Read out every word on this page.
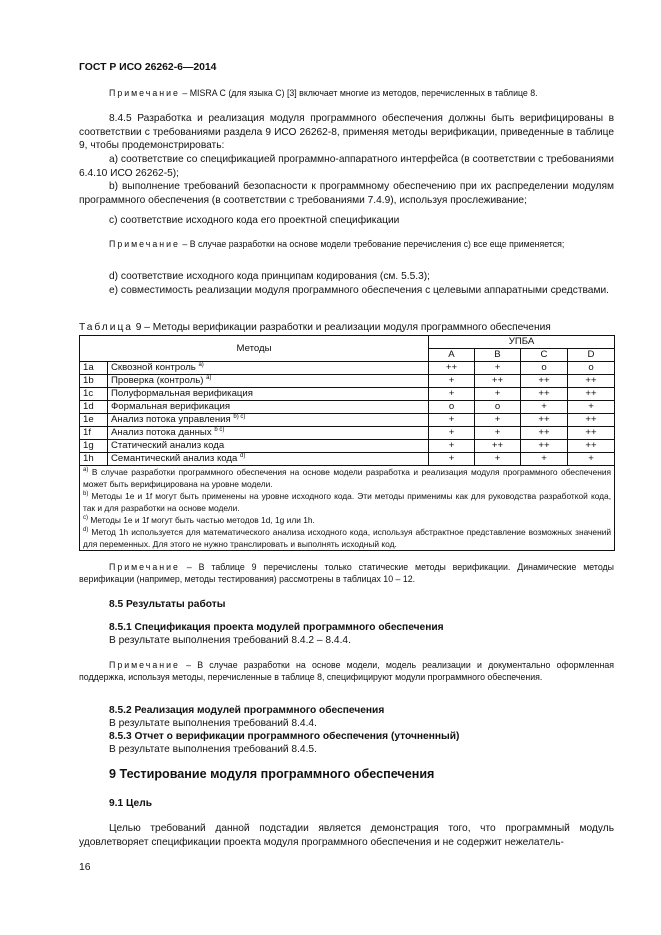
ГОСТ Р ИСО 26262-6—2014
Примечание – MISRA C (для языка C) [3] включает многие из методов, перечисленных в таблице 8.
8.4.5 Разработка и реализация модуля программного обеспечения должны быть верифицированы в соответствии с требованиями раздела 9 ИСО 26262-8, применяя методы верификации, приведенные в таблице 9, чтобы продемонстрировать:
a) соответствие со спецификацией программно-аппаратного интерфейса (в соответствии с требованиями 6.4.10 ИСО 26262-5);
b) выполнение требований безопасности к программному обеспечению при их распределении модулям программного обеспечения (в соответствии с требованиями 7.4.9), используя прослеживание;
c) соответствие исходного кода его проектной спецификации
Примечание – В случае разработки на основе модели требование перечисления с) все еще применяется;
d) соответствие исходного кода принципам кодирования (см. 5.5.3);
e) совместимость реализации модуля программного обеспечения с целевыми аппаратными средствами.
Таблица 9 – Методы верификации разработки и реализации модуля программного обеспечения
Методы		УПБА			
		A	B	C	D
1a	Сквозной контроль $^{а)}$	++	+	o	o
1b	Проверка (контроль) $^{а)}$	+	++	++	++
1c	Полуформальная верификация	+	+	++	++
1d	Формальная верификация	o	o	+	+
1e	Анализ потока управления $^{b) c)}$	+	+	++	++
1f	Анализ потока данных $^{b c)}$	+	+	++	++
1g	Статический анализ кода	+	++	++	++
1h	Семантический анализ кода $^{d)}$	+	+	+	+

$^{а)}$ В случае разработки программного обеспечения на основе модели разработка и реализация модуля программного обеспечения может быть верифицирована на уровне модели.
$^{b)}$ Методы 1e и 1f могут быть применены на уровне исходного кода. Эти методы применимы как для руководства разработкой кода, так и для разработки на основе модели.
$^{c)}$ Методы 1e и 1f могут быть частью методов 1d, 1g или 1h.
$^{d)}$ Метод 1h используется для математического анализа исходного кода, используя абстрактное представление возможных значений для переменных. Для этого не нужно транслировать и выполнять исходный код.					
Примечание – В таблице 9 перечислены только статические методы верификации. Динамические методы верификации (например, методы тестирования) рассмотрены в таблицах 10 – 12.
8.5 Результаты работы
8.5.1 Спецификация проекта модулей программного обеспечения
В результате выполнения требований 8.4.2 – 8.4.4.
Примечание – В случае разработки на основе модели, модель реализации и документально оформленная поддержка, используя методы, перечисленные в таблице 8, специфицируют модули программного обеспечения.
8.5.2 Реализация модулей программного обеспечения
В результате выполнения требований 8.4.4.
8.5.3 Отчет о верификации программного обеспечения (уточненный)
В результате выполнения требований 8.4.5.
9 Тестирование модуля программного обеспечения
9.1 Цель
Целью требований данной подстадии является демонстрация того, что программный модуль удовлетворяет спецификации проекта модуля программного обеспечения и не содержит нежелатель-
16
